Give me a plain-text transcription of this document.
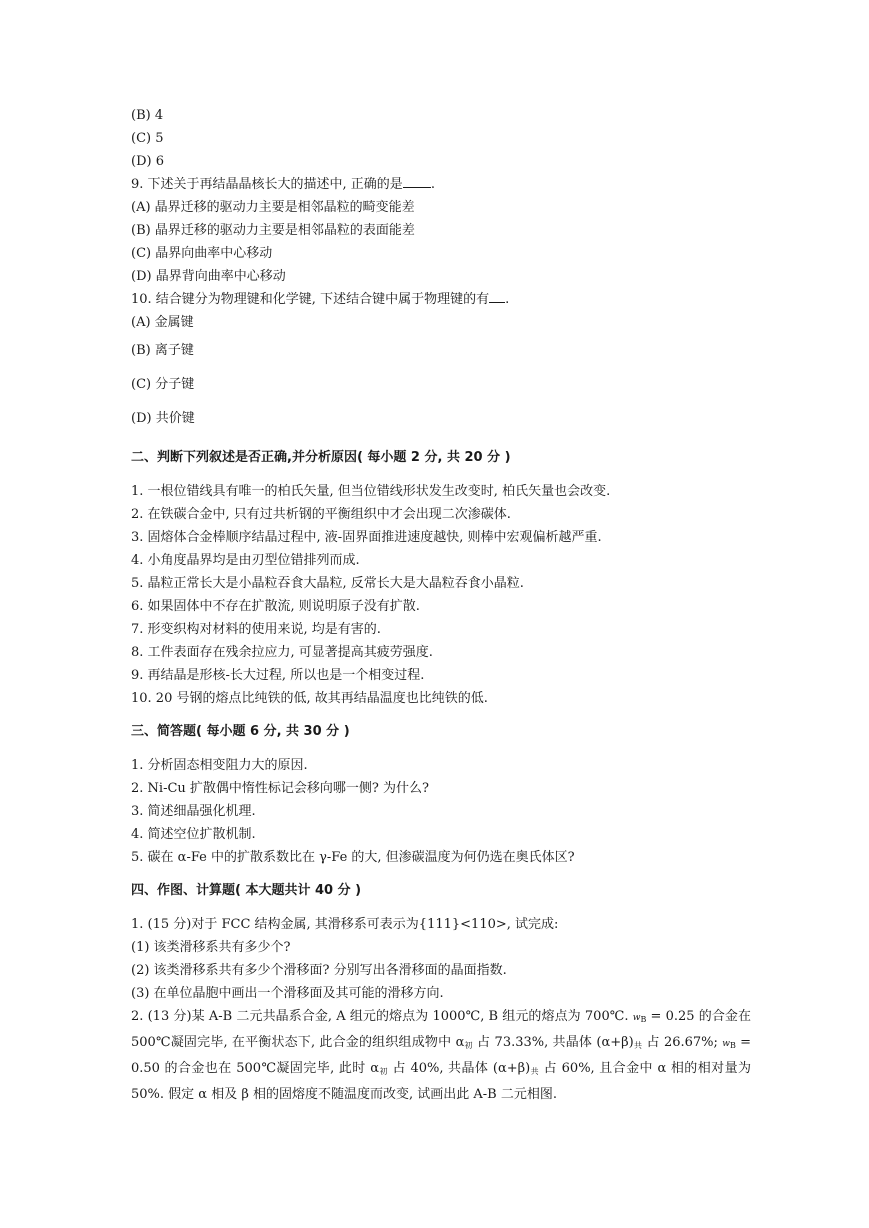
(B) 4
(C) 5
(D) 6
9. 下述关于再结晶晶核长大的描述中, 正确的是 .
(A) 晶界迁移的驱动力主要是相邻晶粒的畸变能差
(B) 晶界迁移的驱动力主要是相邻晶粒的表面能差
(C) 晶界向曲率中心移动
(D) 晶界背向曲率中心移动
10. 结合键分为物理键和化学键, 下述结合键中属于物理键的有 .
(A) 金属键
(B) 离子键
(C) 分子键
(D) 共价键
二、判断下列叙述是否正确,并分析原因( 每小题 2 分, 共 20 分 )
1. 一根位错线具有唯一的柏氏矢量, 但当位错线形状发生改变时, 柏氏矢量也会改变.
2. 在铁碳合金中, 只有过共析钢的平衡组织中才会出现二次渗碳体.
3. 固熔体合金棒顺序结晶过程中, 液-固界面推进速度越快, 则棒中宏观偏析越严重.
4. 小角度晶界均是由刃型位错排列而成.
5. 晶粒正常长大是小晶粒吞食大晶粒, 反常长大是大晶粒吞食小晶粒.
6. 如果固体中不存在扩散流, 则说明原子没有扩散.
7. 形变织构对材料的使用来说, 均是有害的.
8. 工件表面存在残余拉应力, 可显著提高其疲劳强度.
9. 再结晶是形核-长大过程, 所以也是一个相变过程.
10. 20 号钢的熔点比纯铁的低, 故其再结晶温度也比纯铁的低.
三、简答题( 每小题 6 分, 共 30 分 )
1. 分析固态相变阻力大的原因.
2. Ni-Cu 扩散偶中惰性标记会移向哪一侧? 为什么?
3. 简述细晶强化机理.
4. 简述空位扩散机制.
5. 碳在 α-Fe 中的扩散系数比在 γ-Fe 的大, 但渗碳温度为何仍选在奥氏体区?
四、作图、计算题( 本大题共计 40 分 )
1. (15 分)对于 FCC 结构金属, 其滑移系可表示为{111}<110>, 试完成:
(1) 该类滑移系共有多少个?
(2) 该类滑移系共有多少个滑移面? 分别写出各滑移面的晶面指数.
(3) 在单位晶胞中画出一个滑移面及其可能的滑移方向.
2. (13 分)某 A-B 二元共晶系合金, A 组元的熔点为 1000℃, B 组元的熔点为 700℃. $w_B = 0.25$ 的合金在 500℃凝固完毕, 在平衡状态下, 此合金的组织组成物中 $\alpha_初$ 占 73.33%, 共晶体 $(\alpha+\beta)_共$ 占 26.67%; $w_B = 0.50$ 的合金也在 500℃凝固完毕, 此时 $\alpha_初$ 占 40%, 共晶体 $(\alpha+\beta)_共$ 占 60%, 且合金中 α 相的相对量为 50%. 假定 α 相及 β 相的固熔度不随温度而改变, 试画出此 A-B 二元相图.
